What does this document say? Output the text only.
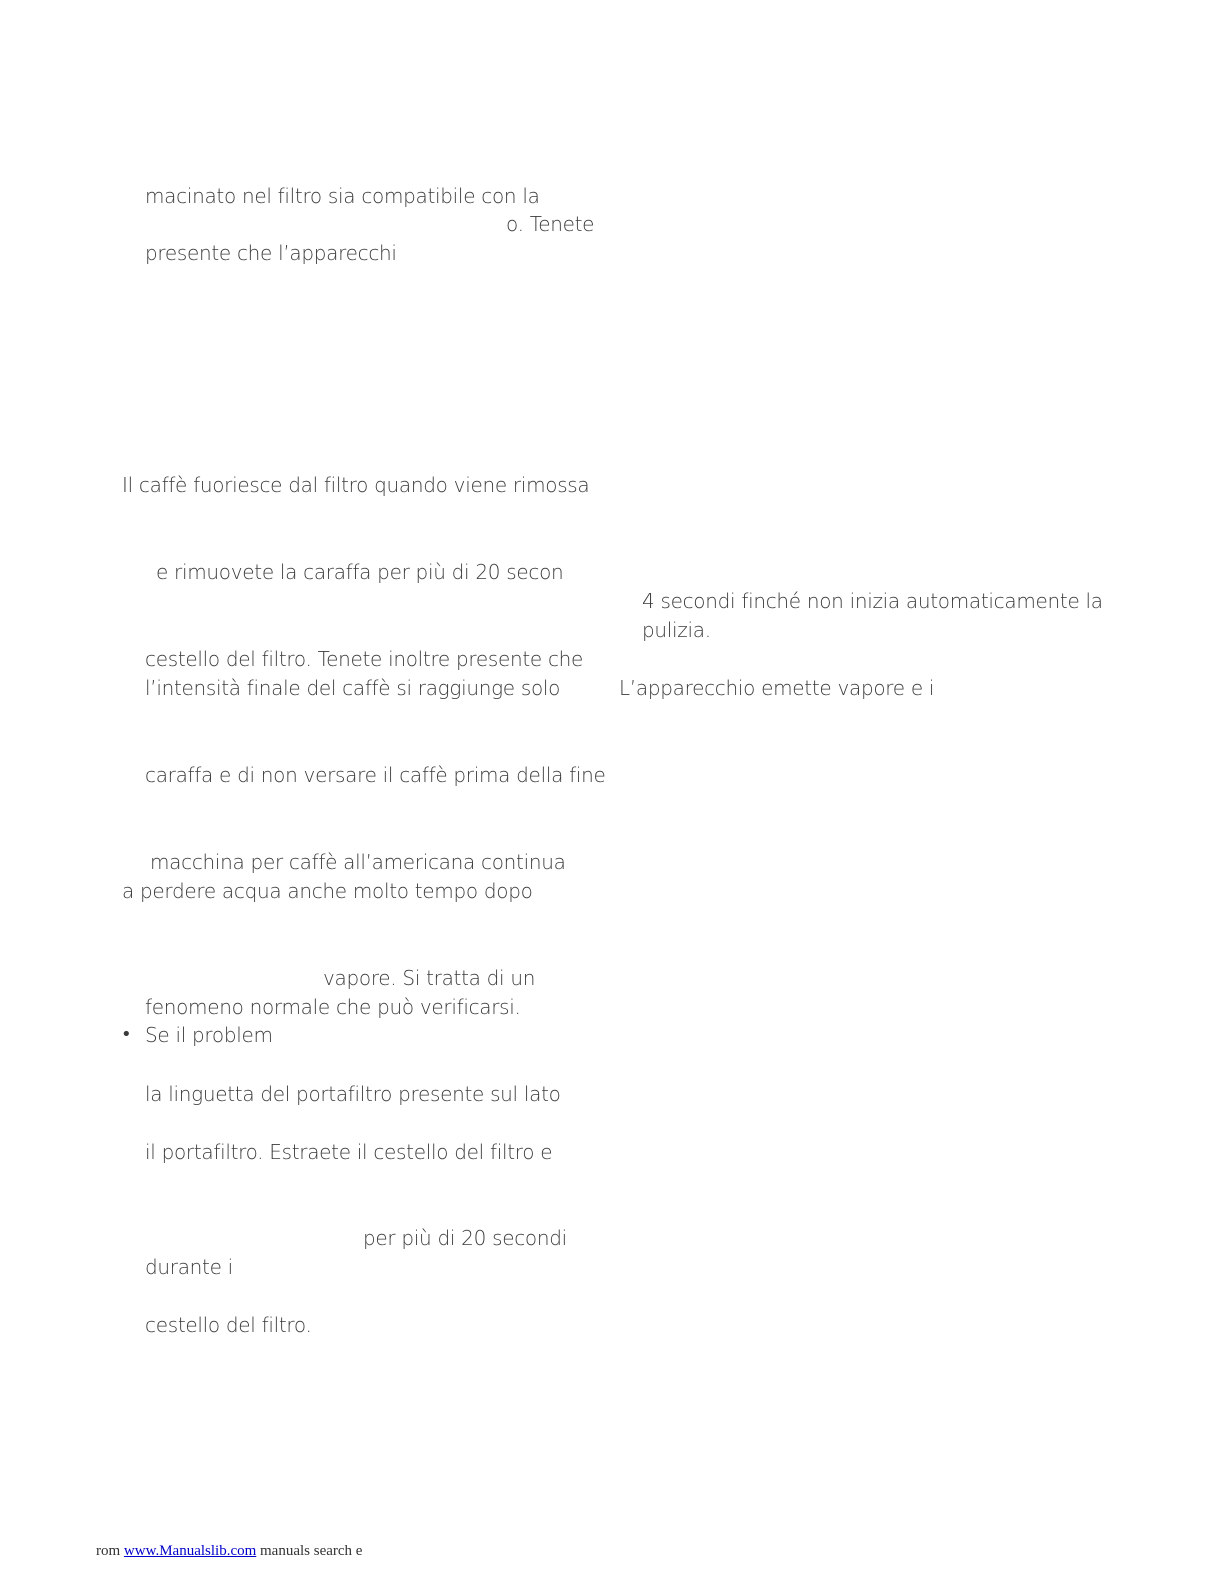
macinato nel filtro sia compatibile con la
o. Tenete
presente che l’apparecchi
Il caffè fuoriesce dal filtro quando viene rimossa
e rimuovete la caraffa per più di 20 secon
cestello del filtro. Tenete inoltre presente che
l’intensità finale del caffè si raggiunge solo
caraffa e di non versare il caffè prima della fine
macchina per caffè all’americana continua
a perdere acqua anche molto tempo dopo
vapore. Si tratta di un
fenomeno normale che può verificarsi.
• Se il problem
la linguetta del portafiltro presente sul lato
il portafiltro. Estraete il cestello del filtro e
per più di 20 secondi
durante i
cestello del filtro.
4 secondi finché non inizia automaticamente la
pulizia.
L’apparecchio emette vapore e i
rom www.Manualslib.com manuals search e
